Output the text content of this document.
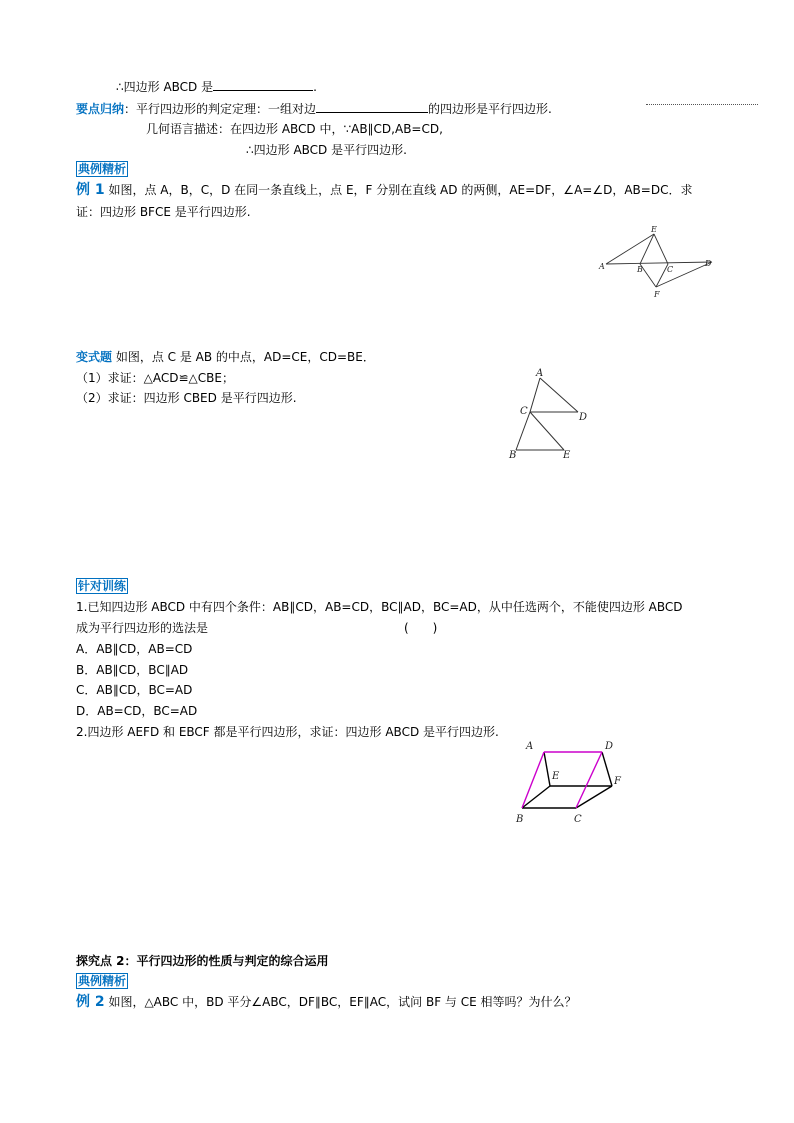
∴四边形 ABCD 是	.
要点归纳：平行四边形的判定定理：一组对边	的四边形是平行四边形.
几何语言描述：在四边形 ABCD 中，∵AB∥CD,AB=CD,
∴四边形 ABCD 是平行四边形.
典例精析
例 1 如图，点 A，B，C，D 在同一条直线上，点 E，F 分别在直线 AD 的两侧，AE=DF，∠A=∠D，AB=DC．求
证：四边形 BFCE 是平行四边形.
A	B	C
D
E
F
变式题 如图，点 C 是 AB 的中点，AD=CE，CD=BE．
（1）求证：△ACD≌△CBE；
（2）求证：四边形 CBED 是平行四边形.
A
C
D
B	E
针对训练
1.已知四边形 ABCD 中有四个条件：AB∥CD，AB=CD，BC∥AD，BC=AD，从中任选两个，不能使四边形 ABCD
成为平行四边形的选法是	(　　)
A．AB∥CD，AB=CD
B．AB∥CD，BC∥AD
C．AB∥CD，BC=AD
D．AB=CD，BC=AD
2.四边形 AEFD 和 EBCF 都是平行四边形，求证：四边形 ABCD 是平行四边形.
A	D
E	F
B	C
探究点 2：平行四边形的性质与判定的综合运用
典例精析
例 2 如图，△ABC 中，BD 平分∠ABC，DF∥BC，EF∥AC，试问 BF 与 CE 相等吗？为什么？
